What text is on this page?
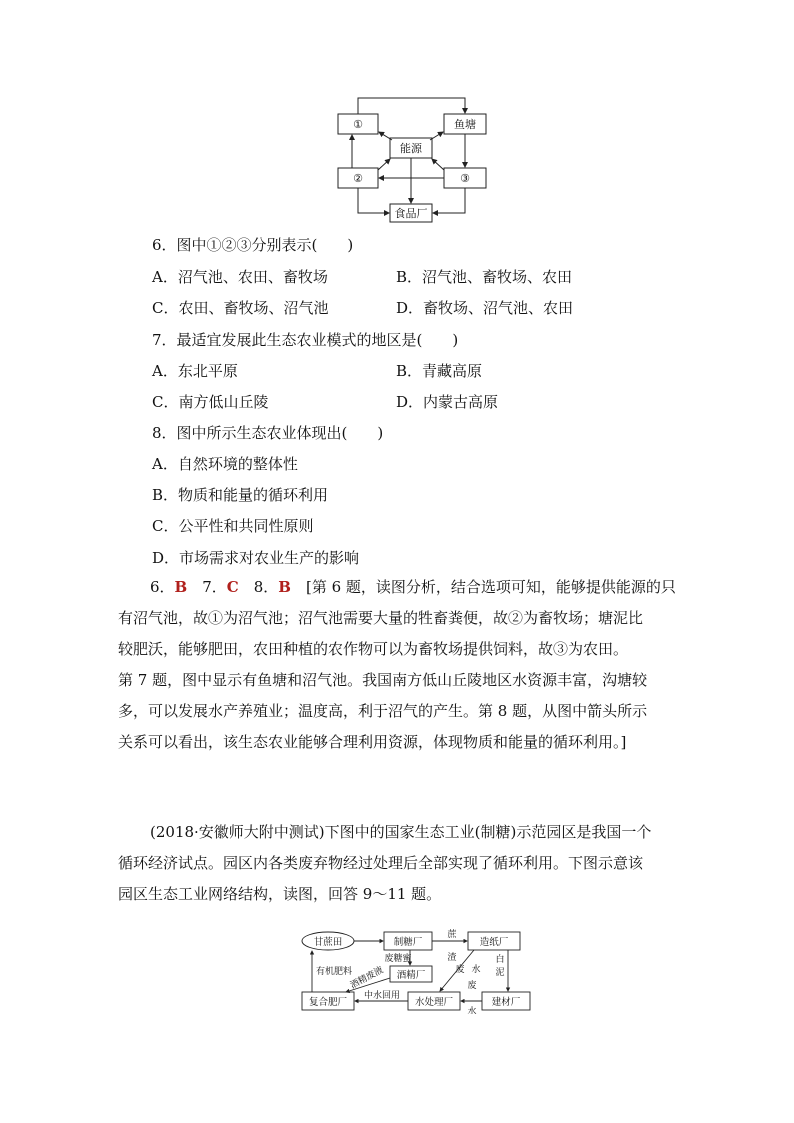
①	鱼塘
能源
②	③
食品厂
6．图中①②③分别表示(　　)
A．沼气池、农田、畜牧场	B．沼气池、畜牧场、农田
C．农田、畜牧场、沼气池	D．畜牧场、沼气池、农田
7．最适宜发展此生态农业模式的地区是(　　)
A．东北平原	B．青藏高原
C．南方低山丘陵	D．内蒙古高原
8．图中所示生态农业体现出(　　)
A．自然环境的整体性
B．物质和能量的循环利用
C．公平性和共同性原则
D．市场需求对农业生产的影响
6．B　7．C　8．B　[第 6 题，读图分析，结合选项可知，能够提供能源的只
有沼气池，故①为沼气池；沼气池需要大量的牲畜粪便，故②为畜牧场；塘泥比
较肥沃，能够肥田，农田种植的农作物可以为畜牧场提供饲料，故③为农田。
第 7 题，图中显示有鱼塘和沼气池。我国南方低山丘陵地区水资源丰富，沟塘较
多，可以发展水产养殖业；温度高，利于沼气的产生。第 8 题，从图中箭头所示
关系可以看出，该生态农业能够合理利用资源，体现物质和能量的循环利用。]
(2018·安徽师大附中测试)下图中的国家生态工业(制糖)示范园区是我国一个
循环经济试点。园区内各类废弃物经过处理后全部实现了循环利用。下图示意该
园区生态工业网络结构，读图，回答 9～11 题。
甘蔗田	制糖厂	造纸厂
酒精厂
复合肥厂	水处理厂	建材厂
蔗
渣
废糖蜜
有机肥料
酒精废液
中水回用
废 水
白
泥
废
水
